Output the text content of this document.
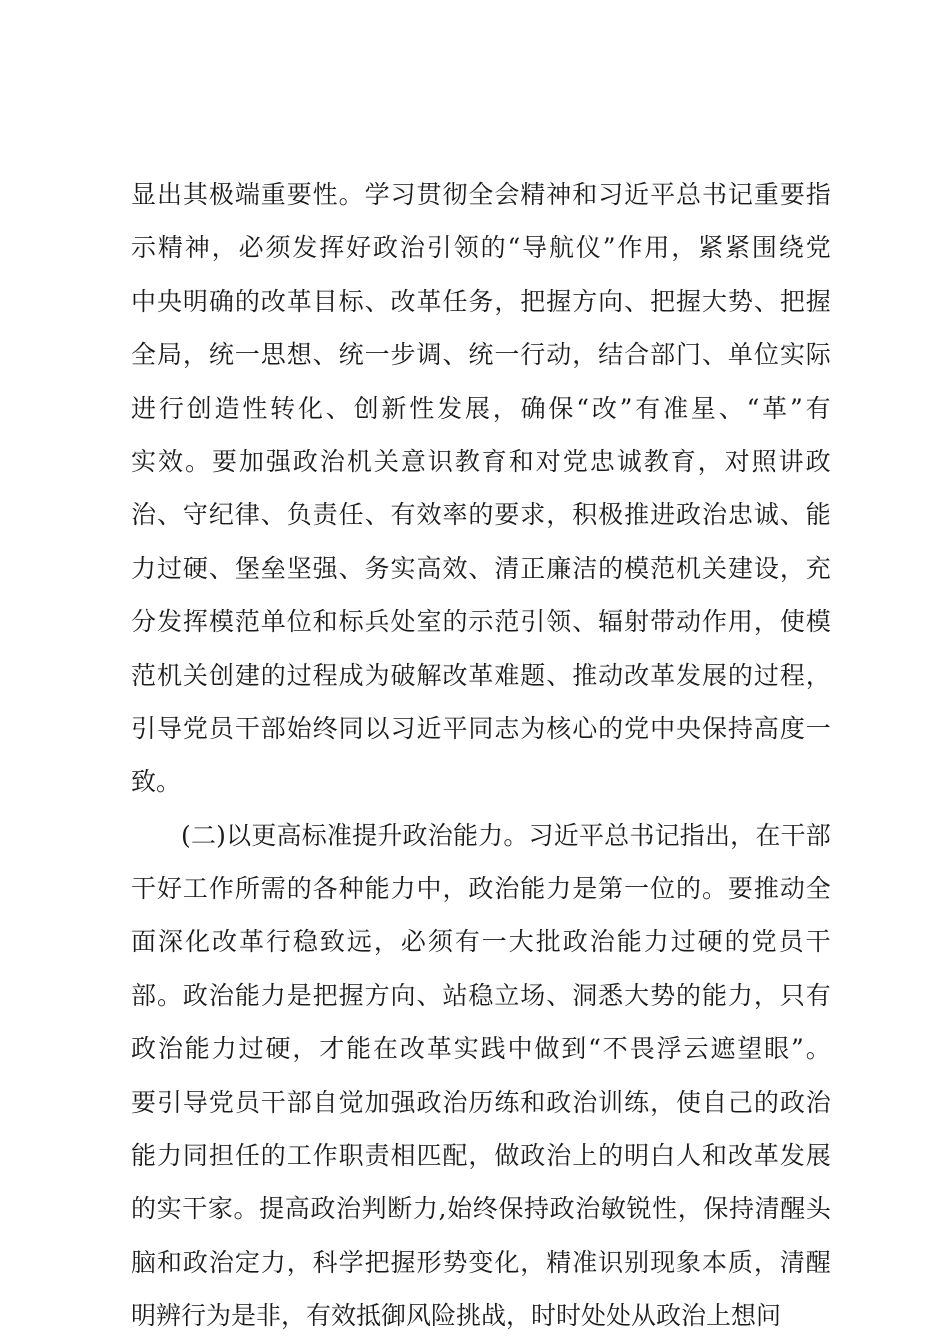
显 出 其 极 端 重 要 性 。 学 习 贯 彻 全 会 精 神 和 习 近 平 总 书 记 重 要 指
示 精 神 ， 必 须 发 挥 好 政 治 引 领 的 “ 导 航 仪 ” 作 用 ， 紧 紧 围 绕 党
中 央 明 确 的 改 革 目 标 、 改 革 任 务 ， 把 握 方 向 、 把 握 大 势 、 把 握
全 局 ， 统 一 思 想 、 统 一 步 调 、 统 一 行 动 ， 结 合 部 门 、 单 位 实 际
进 行 创 造 性 转 化 、 创 新 性 发 展 ， 确 保 “ 改 ” 有 准 星 、 “ 革 ” 有
实 效 。 要 加 强 政 治 机 关 意 识 教 育 和 对 党 忠 诚 教 育 ， 对 照 讲 政
治 、 守 纪 律 、 负 责 任 、 有 效 率 的 要 求 ， 积 极 推 进 政 治 忠 诚 、 能
力 过 硬 、 堡 垒 坚 强 、 务 实 高 效 、 清 正 廉 洁 的 模 范 机 关 建 设 ， 充
分 发 挥 模 范 单 位 和 标 兵 处 室 的 示 范 引 领 、 辐 射 带 动 作 用 ， 使 模
范 机 关 创 建 的 过 程 成 为 破 解 改 革 难 题 、 推 动 改 革 发 展 的 过 程 ，
引 导 党 员 干 部 始 终 同 以 习 近 平 同 志 为 核 心 的 党 中 央 保 持 高 度 一
致。
( 二 ) 以 更 高 标 准 提 升 政 治 能 力 。 习 近 平 总 书 记 指 出 ， 在 干 部
干 好 工 作 所 需 的 各 种 能 力 中 ， 政 治 能 力 是 第 一 位 的 。 要 推 动 全
面 深 化 改 革 行 稳 致 远 ， 必 须 有 一 大 批 政 治 能 力 过 硬 的 党 员 干
部 。 政 治 能 力 是 把 握 方 向 、 站 稳 立 场 、 洞 悉 大 势 的 能 力 ， 只 有
政 治 能 力 过 硬 ， 才 能 在 改 革 实 践 中 做 到 “ 不 畏 浮 云 遮 望 眼 ” 。
要 引 导 党 员 干 部 自 觉 加 强 政 治 历 练 和 政 治 训 练 ， 使 自 己 的 政 治
能 力 同 担 任 的 工 作 职 责 相 匹 配 ， 做 政 治 上 的 明 白 人 和 改 革 发 展
的 实 干 家 。 提 高 政 治 判 断 力 , 始 终 保 持 政 治 敏 锐 性 ， 保 持 清 醒 头
脑 和 政 治 定 力 ， 科 学 把 握 形 势 变 化 ， 精 准 识 别 现 象 本 质 ， 清 醒
明辨行为是非，有效抵御风险挑战，时时处处从政治上想问
